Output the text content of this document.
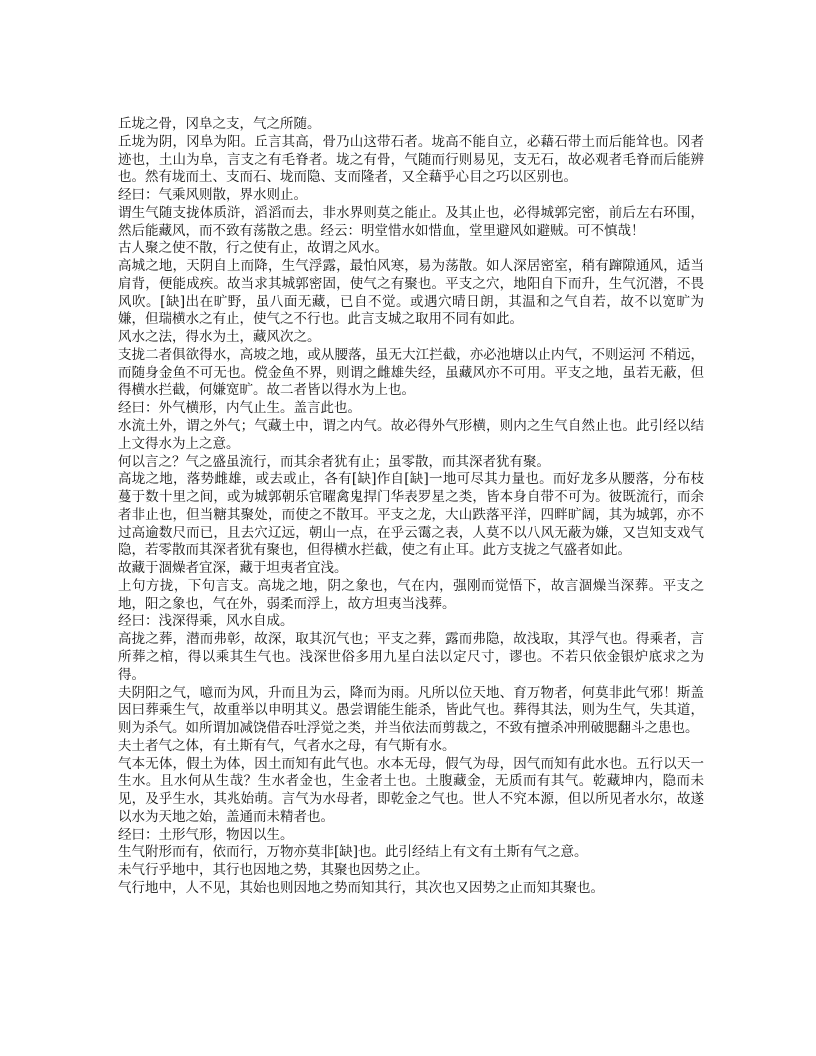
丘垅之骨，冈阜之支，气之所随。

丘垅为阴，冈阜为阳。丘言其高，骨乃山这带石者。垅高不能自立，必藉石带土而后能耸也。冈者迹也，土山为阜，言支之有毛脊者。垅之有骨，气随而行则易见，支无石，故必观者毛脊而后能辨也。然有垅而土、支而石、垅而隐、支而隆者，又全藉乎心目之巧以区别也。

经曰：气乘风则散，界水则止。

谓生气随支拢体质浒，滔滔而去，非水界则莫之能止。及其止也，必得城郭完密，前后左右环围，然后能藏风，而不致有荡散之患。经云：明堂惜水如惜血，堂里避风如避贼。可不慎哉！

古人聚之使不散，行之使有止，故谓之风水。

高城之地，天阴自上而降，生气浮露，最怕风寒，易为荡散。如人深居密室，稍有蹿隙通风，适当肩背，便能成疾。故当求其城郭密固，使气之有聚也。平支之穴，地阳自下而升，生气沉潜，不畏风吹。[缺]出在旷野，虽八面无藏，已自不觉。或遇穴晴日朗，其温和之气自若，故不以宽旷为嫌，但瑞横水之有止，使气之不行也。此言支城之取用不同有如此。

风水之法，得水为土，藏风次之。

支拢二者俱欲得水，高坡之地，或从腰落，虽无大江拦截，亦必池塘以止内气，不则运河 不稍远，而随身金鱼不可无也。傥金鱼不界，则谓之雌雄失经，虽藏风亦不可用。平支之地，虽若无蔽，但得横水拦截，何嫌宽旷。故二者皆以得水为上也。

经曰：外气横形，内气止生。盖言此也。

水流土外，谓之外气；气藏土中，谓之内气。故必得外气形横，则内之生气自然止也。此引经以结上文得水为上之意。

何以言之？气之盛虽流行，而其余者犹有止；虽零散，而其深者犹有聚。

高垅之地，落势雌雄，或去或止，各有[缺]作自[缺]一地可尽其力量也。而好龙多从腰落，分布枝蔓于数十里之间，或为城郭朝乐官曜禽鬼捍门华表罗星之类，皆本身自带不可为。彼既流行，而余者非止也，但当糖其聚处，而使之不散耳。平支之龙，大山跌落平洋，四畔旷阔，其为城郭，亦不过高逾数尺而已，且去穴辽远，朝山一点，在乎云霭之表，人莫不以八风无蔽为嫌，又岂知支戏气隐，若零散而其深者犹有聚也，但得横水拦截，使之有止耳。此方支拢之气盛者如此。

故藏于涸燥者宜深，藏于坦夷者宜浅。

上句方拢，下句言支。高垅之地，阴之象也，气在内，强刚而觉悟下，故言涸燥当深葬。平支之地，阳之象也，气在外，弱柔而浮上，故方坦夷当浅葬。

经曰：浅深得乘，风水自成。

高拢之葬，潜而弗彰，故深，取其沉气也；平支之葬，露而弗隐，故浅取，其浮气也。得乘者，言所葬之棺，得以乘其生气也。浅深世俗多用九星白法以定尺寸，谬也。不若只依金银炉底求之为得。

夫阴阳之气，噫而为风，升而且为云，降而为雨。凡所以位天地、育万物者，何莫非此气邪！斯盖因曰葬乘生气，故重举以申明其义。愚尝谓能生能杀，皆此气也。葬得其法，则为生气，失其道，则为杀气。如所谓加减饶借吞吐浮觉之类，并当依法而剪裁之，不致有擅杀冲刑破腮翻斗之患也。

夫土者气之体，有土斯有气，气者水之母，有气斯有水。

气本无体，假土为体，因土而知有此气也。水本无母，假气为母，因气而知有此水也。五行以天一生水。且水何从生哉？生水者金也，生金者土也。土腹藏金，无质而有其气。乾藏坤内，隐而未见，及乎生水，其兆始萌。言气为水母者，即乾金之气也。世人不究本源，但以所见者水尔，故遂以水为天地之始，盖通而未精者也。

经曰：土形气形，物因以生。

生气附形而有，依而行，万物亦莫非[缺]也。此引经结上有文有土斯有气之意。

未气行乎地中，其行也因地之势，其聚也因势之止。

气行地中，人不见，其始也则因地之势而知其行，其次也又因势之止而知其聚也。
